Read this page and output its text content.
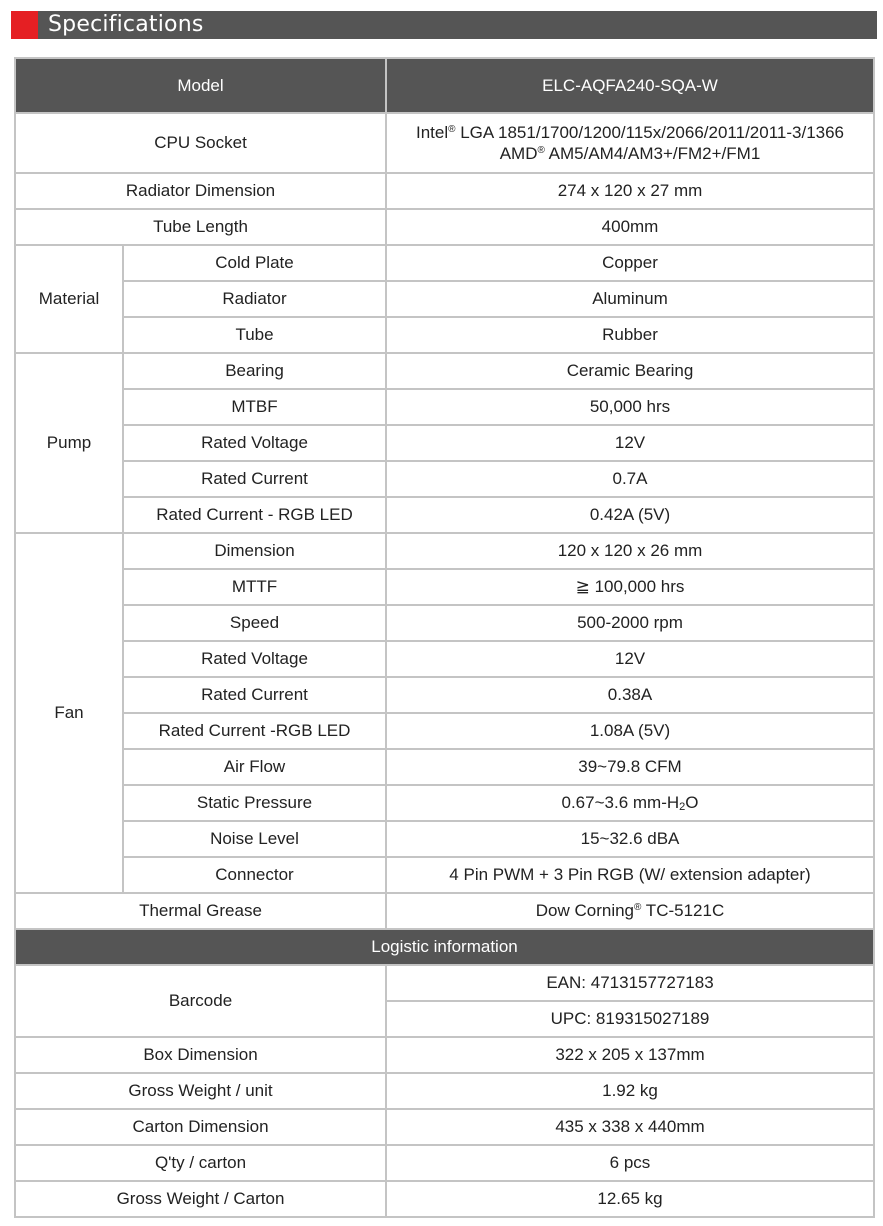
Specifications
Model		ELC-AQFA240-SQA-W
CPU Socket		Intel® LGA 1851/1700/1200/115x/2066/2011/2011-3/1366
AMD® AM5/AM4/AM3+/FM2+/FM1

Radiator Dimension		274 x 120 x 27 mm
Tube Length		400mm
Material	Cold Plate	Copper
	Radiator	Aluminum
	Tube	Rubber
Pump	Bearing	Ceramic Bearing
	MTBF	50,000 hrs
	Rated Voltage	12V
	Rated Current	0.7A
	Rated Current - RGB LED	0.42A (5V)
Fan	Dimension	120 x 120 x 26 mm
	MTTF	≧ 100,000 hrs
	Speed	500-2000 rpm
	Rated Voltage	12V
	Rated Current	0.38A
	Rated Current -RGB LED	1.08A (5V)
	Air Flow	39~79.8 CFM
	Static Pressure	0.67~3.6 $mm-H_2O$
	Noise Level	15~32.6 dBA
	Connector	4 Pin PWM + 3 Pin RGB (W/ extension adapter)
Thermal Grease		Dow Corning® TC-5121C
Logistic information		
Barcode		EAN: 4713157727183
		UPC: 819315027189
Box Dimension		322 x 205 x 137mm
Gross Weight / unit		1.92 kg
Carton Dimension		435 x 338 x 440mm
Q'ty / carton		6 pcs
Gross Weight / Carton		12.65 kg
